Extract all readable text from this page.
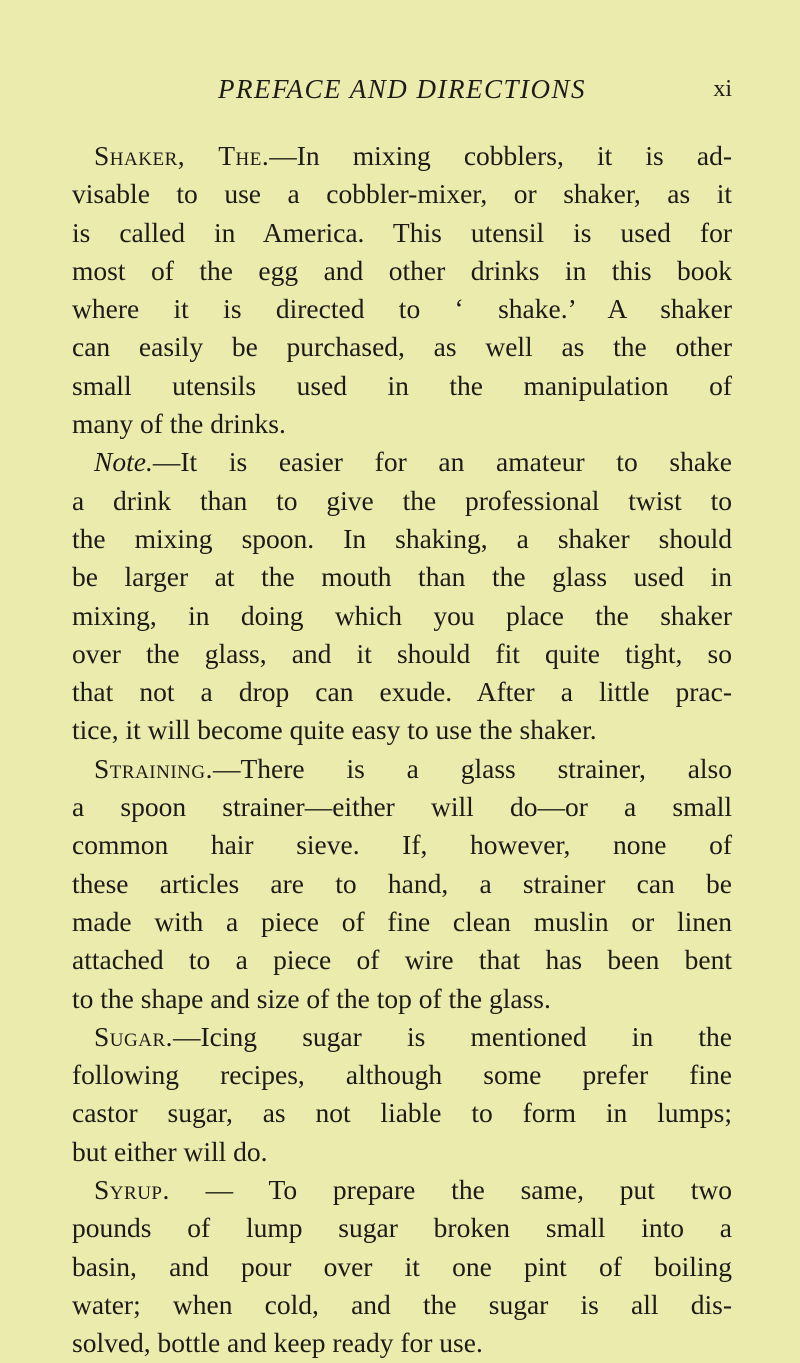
PREFACE AND DIRECTIONS	xi
Shaker, The.—In mixing cobblers, it is ad-
visable to use a cobbler-mixer, or shaker, as it
is called in America. This utensil is used for
most of the egg and other drinks in this book
where it is directed to ‘ shake.’ A shaker
can easily be purchased, as well as the other
small utensils used in the manipulation of
many of the drinks.
Note.—It is easier for an amateur to shake
a drink than to give the professional twist to
the mixing spoon. In shaking, a shaker should
be larger at the mouth than the glass used in
mixing, in doing which you place the shaker
over the glass, and it should fit quite tight, so
that not a drop can exude. After a little prac-
tice, it will become quite easy to use the shaker.
Straining.—There is a glass strainer, also
a spoon strainer—either will do—or a small
common hair sieve. If, however, none of
these articles are to hand, a strainer can be
made with a piece of fine clean muslin or linen
attached to a piece of wire that has been bent
to the shape and size of the top of the glass.
Sugar.—Icing sugar is mentioned in the
following recipes, although some prefer fine
castor sugar, as not liable to form in lumps;
but either will do.
Syrup. — To prepare the same, put two
pounds of lump sugar broken small into a
basin, and pour over it one pint of boiling
water; when cold, and the sugar is all dis-
solved, bottle and keep ready for use.
